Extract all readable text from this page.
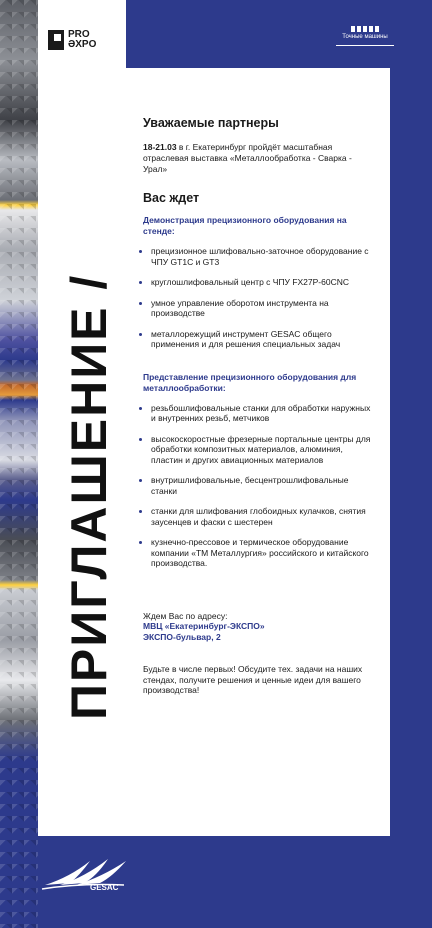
PRO
ƏXPO
Точные машины
ПРИГЛАШЕНИЕ /
Уважаемые партнеры

18-21.03 в г. Екатеринбург пройдёт масштабная отраслевая выставка «Металлообработка - Сварка - Урал»

Вас ждет
Демонстрация прецизионного оборудования на стенде:
прецизионное шлифовально-заточное оборудование с ЧПУ GT1C и GT3
круглошлифовальный центр с ЧПУ FX27P-60CNC
умное управление оборотом инструмента на производстве
металлорежущий инструмент GESAC общего применения и для решения специальных задач
Представление прецизионного оборудования для металлообработки:
резьбошлифовальные станки для обработки наружных и внутренних резьб, метчиков
высокоскоростные фрезерные портальные центры для обработки композитных материалов, алюминия, пластин и других авиационных материалов
внутришлифовальные, бесцентрошлифовальные станки
станки для шлифования глобоидных кулачков, снятия заусенцев и фаски с шестерен
кузнечно-прессовое и термическое оборудование компании «ТМ Металлургия» российского и китайского производства.
Ждем Вас по адресу:
МВЦ «Екатеринбург-ЭКСПО»
ЭКСПО-бульвар, 2
Будьте в числе первых! Обсудите тех. задачи на наших стендах, получите решения и ценные идеи для вашего производства!
GESAC
